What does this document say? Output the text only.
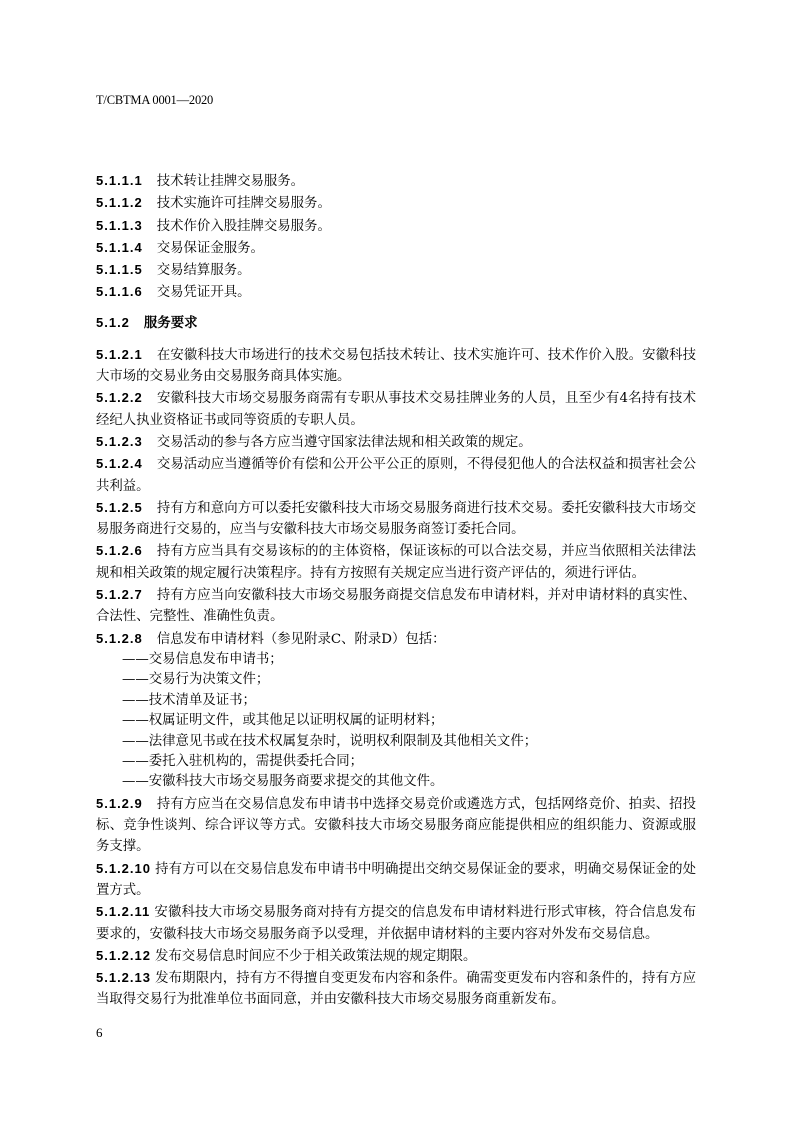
T/CBTMA 0001—2020

5.1.1.1 技术转让挂牌交易服务。

5.1.1.2 技术实施许可挂牌交易服务。

5.1.1.3 技术作价入股挂牌交易服务。

5.1.1.4 交易保证金服务。

5.1.1.5 交易结算服务。

5.1.1.6 交易凭证开具。

5.1.2 服务要求

5.1.2.1 在安徽科技大市场进行的技术交易包括技术转让、技术实施许可、技术作价入股。安徽科技大市场的交易业务由交易服务商具体实施。

5.1.2.2 安徽科技大市场交易服务商需有专职从事技术交易挂牌业务的人员，且至少有4名持有技术经纪人执业资格证书或同等资质的专职人员。

5.1.2.3 交易活动的参与各方应当遵守国家法律法规和相关政策的规定。

5.1.2.4 交易活动应当遵循等价有偿和公开公平公正的原则，不得侵犯他人的合法权益和损害社会公共利益。

5.1.2.5 持有方和意向方可以委托安徽科技大市场交易服务商进行技术交易。委托安徽科技大市场交易服务商进行交易的，应当与安徽科技大市场交易服务商签订委托合同。

5.1.2.6 持有方应当具有交易该标的的主体资格，保证该标的可以合法交易，并应当依照相关法律法规和相关政策的规定履行决策程序。持有方按照有关规定应当进行资产评估的，须进行评估。

5.1.2.7 持有方应当向安徽科技大市场交易服务商提交信息发布申请材料，并对申请材料的真实性、合法性、完整性、准确性负责。

5.1.2.8 信息发布申请材料（参见附录C、附录D）包括：

——交易信息发布申请书；

——交易行为决策文件；

——技术清单及证书；

——权属证明文件，或其他足以证明权属的证明材料；

——法律意见书或在技术权属复杂时，说明权利限制及其他相关文件；

——委托入驻机构的，需提供委托合同；

——安徽科技大市场交易服务商要求提交的其他文件。

5.1.2.9 持有方应当在交易信息发布申请书中选择交易竞价或遴选方式，包括网络竞价、拍卖、招投标、竞争性谈判、综合评议等方式。安徽科技大市场交易服务商应能提供相应的组织能力、资源或服务支撑。

5.1.2.10 持有方可以在交易信息发布申请书中明确提出交纳交易保证金的要求，明确交易保证金的处置方式。

5.1.2.11 安徽科技大市场交易服务商对持有方提交的信息发布申请材料进行形式审核，符合信息发布要求的，安徽科技大市场交易服务商予以受理，并依据申请材料的主要内容对外发布交易信息。

5.1.2.12 发布交易信息时间应不少于相关政策法规的规定期限。

5.1.2.13 发布期限内，持有方不得擅自变更发布内容和条件。确需变更发布内容和条件的，持有方应当取得交易行为批准单位书面同意，并由安徽科技大市场交易服务商重新发布。

6
